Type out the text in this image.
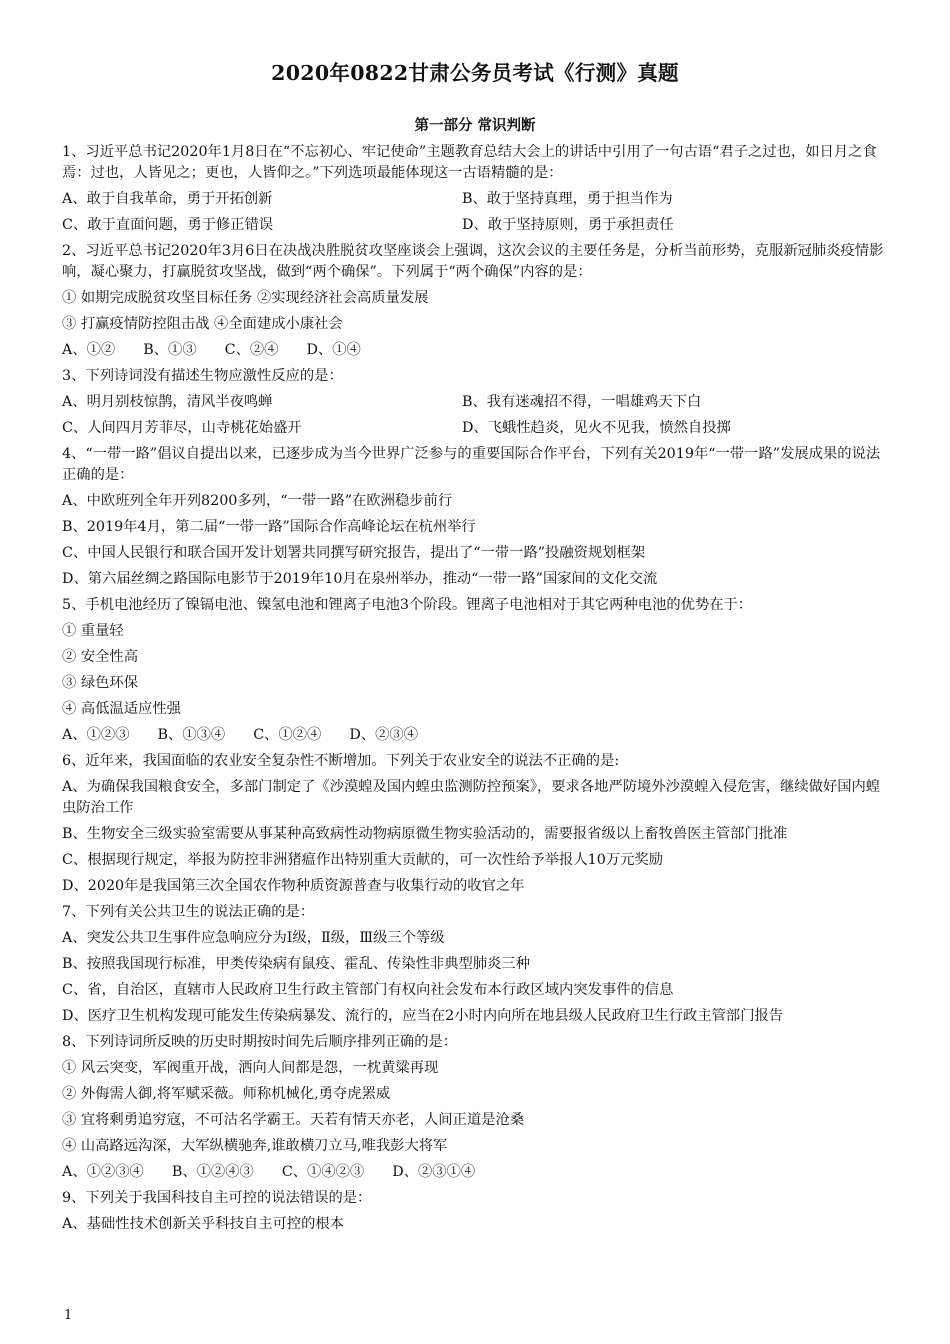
2020年0822甘肃公务员考试《行测》真题
第一部分 常识判断
1、习近平总书记2020年1月8日在“不忘初心、牢记使命”主题教育总结大会上的讲话中引用了一句古语“君子之过也，如日月之食焉：过也，人皆见之；更也，人皆仰之。”下列选项最能体现这一古语精髓的是：
A、敢于自我革命，勇于开拓创新	B、敢于坚持真理，勇于担当作为
C、敢于直面问题，勇于修正错误	D、敢于坚持原则，勇于承担责任
2、习近平总书记2020年3月6日在决战决胜脱贫攻坚座谈会上强调，这次会议的主要任务是，分析当前形势，克服新冠肺炎疫情影响，凝心聚力，打赢脱贫攻坚战，做到“两个确保”。下列属于“两个确保”内容的是：
① 如期完成脱贫攻坚目标任务 ②实现经济社会高质量发展
③ 打赢疫情防控阻击战 ④全面建成小康社会
A、①② B、①③ C、②④ D、①④
3、下列诗词没有描述生物应激性反应的是：
A、明月别枝惊鹊，清风半夜鸣蝉	B、我有迷魂招不得，一唱雄鸡天下白
C、人间四月芳菲尽，山寺桃花始盛开	D、飞蛾性趋炎，见火不见我，愤然自投掷
4、“一带一路”倡议自提出以来，已逐步成为当今世界广泛参与的重要国际合作平台，下列有关2019年“一带一路”发展成果的说法正确的是：
A、中欧班列全年开列8200多列，“一带一路”在欧洲稳步前行
B、2019年4月，第二届“一带一路”国际合作高峰论坛在杭州举行
C、中国人民银行和联合国开发计划署共同撰写研究报告，提出了“一带一路”投融资规划框架
D、第六届丝绸之路国际电影节于2019年10月在泉州举办，推动“一带一路”国家间的文化交流
5、手机电池经历了镍镉电池、镍氢电池和锂离子电池3个阶段。锂离子电池相对于其它两种电池的优势在于：
① 重量轻
② 安全性高
③ 绿色环保
④ 高低温适应性强
A、①②③ B、①③④ C、①②④ D、②③④
6、近年来，我国面临的农业安全复杂性不断增加。下列关于农业安全的说法不正确的是:
A、为确保我国粮食安全，多部门制定了《沙漠蝗及国内蝗虫监测防控预案》，要求各地严防境外沙漠蝗入侵危害，继续做好国内蝗虫防治工作
B、生物安全三级实验室需要从事某种高致病性动物病原微生物实验活动的，需要报省级以上畜牧兽医主管部门批准
C、根据现行规定，举报为防控非洲猪瘟作出特别重大贡献的，可一次性给予举报人10万元奖励
D、2020年是我国第三次全国农作物种质资源普查与收集行动的收官之年
7、下列有关公共卫生的说法正确的是：
A、突发公共卫生事件应急响应分为Ⅰ级，Ⅱ级，Ⅲ级三个等级
B、按照我国现行标准，甲类传染病有鼠疫、霍乱、传染性非典型肺炎三种
C、省，自治区，直辖市人民政府卫生行政主管部门有权向社会发布本行政区域内突发事件的信息
D、医疗卫生机构发现可能发生传染病暴发、流行的，应当在2小时内向所在地县级人民政府卫生行政主管部门报告
8、下列诗词所反映的历史时期按时间先后顺序排列正确的是：
① 风云突变，军阀重开战，洒向人间都是怨，一枕黄粱再现
② 外侮需人御,将军赋采薇。师称机械化,勇夺虎罴威
③ 宜将剩勇追穷寇，不可沽名学霸王。天若有情天亦老，人间正道是沧桑
④ 山高路远沟深，大军纵横驰奔,谁敢横刀立马,唯我彭大将军
A、①②③④ B、①②④③ C、①④②③ D、②③①④
9、下列关于我国科技自主可控的说法错误的是：
A、基础性技术创新关乎科技自主可控的根本
1
